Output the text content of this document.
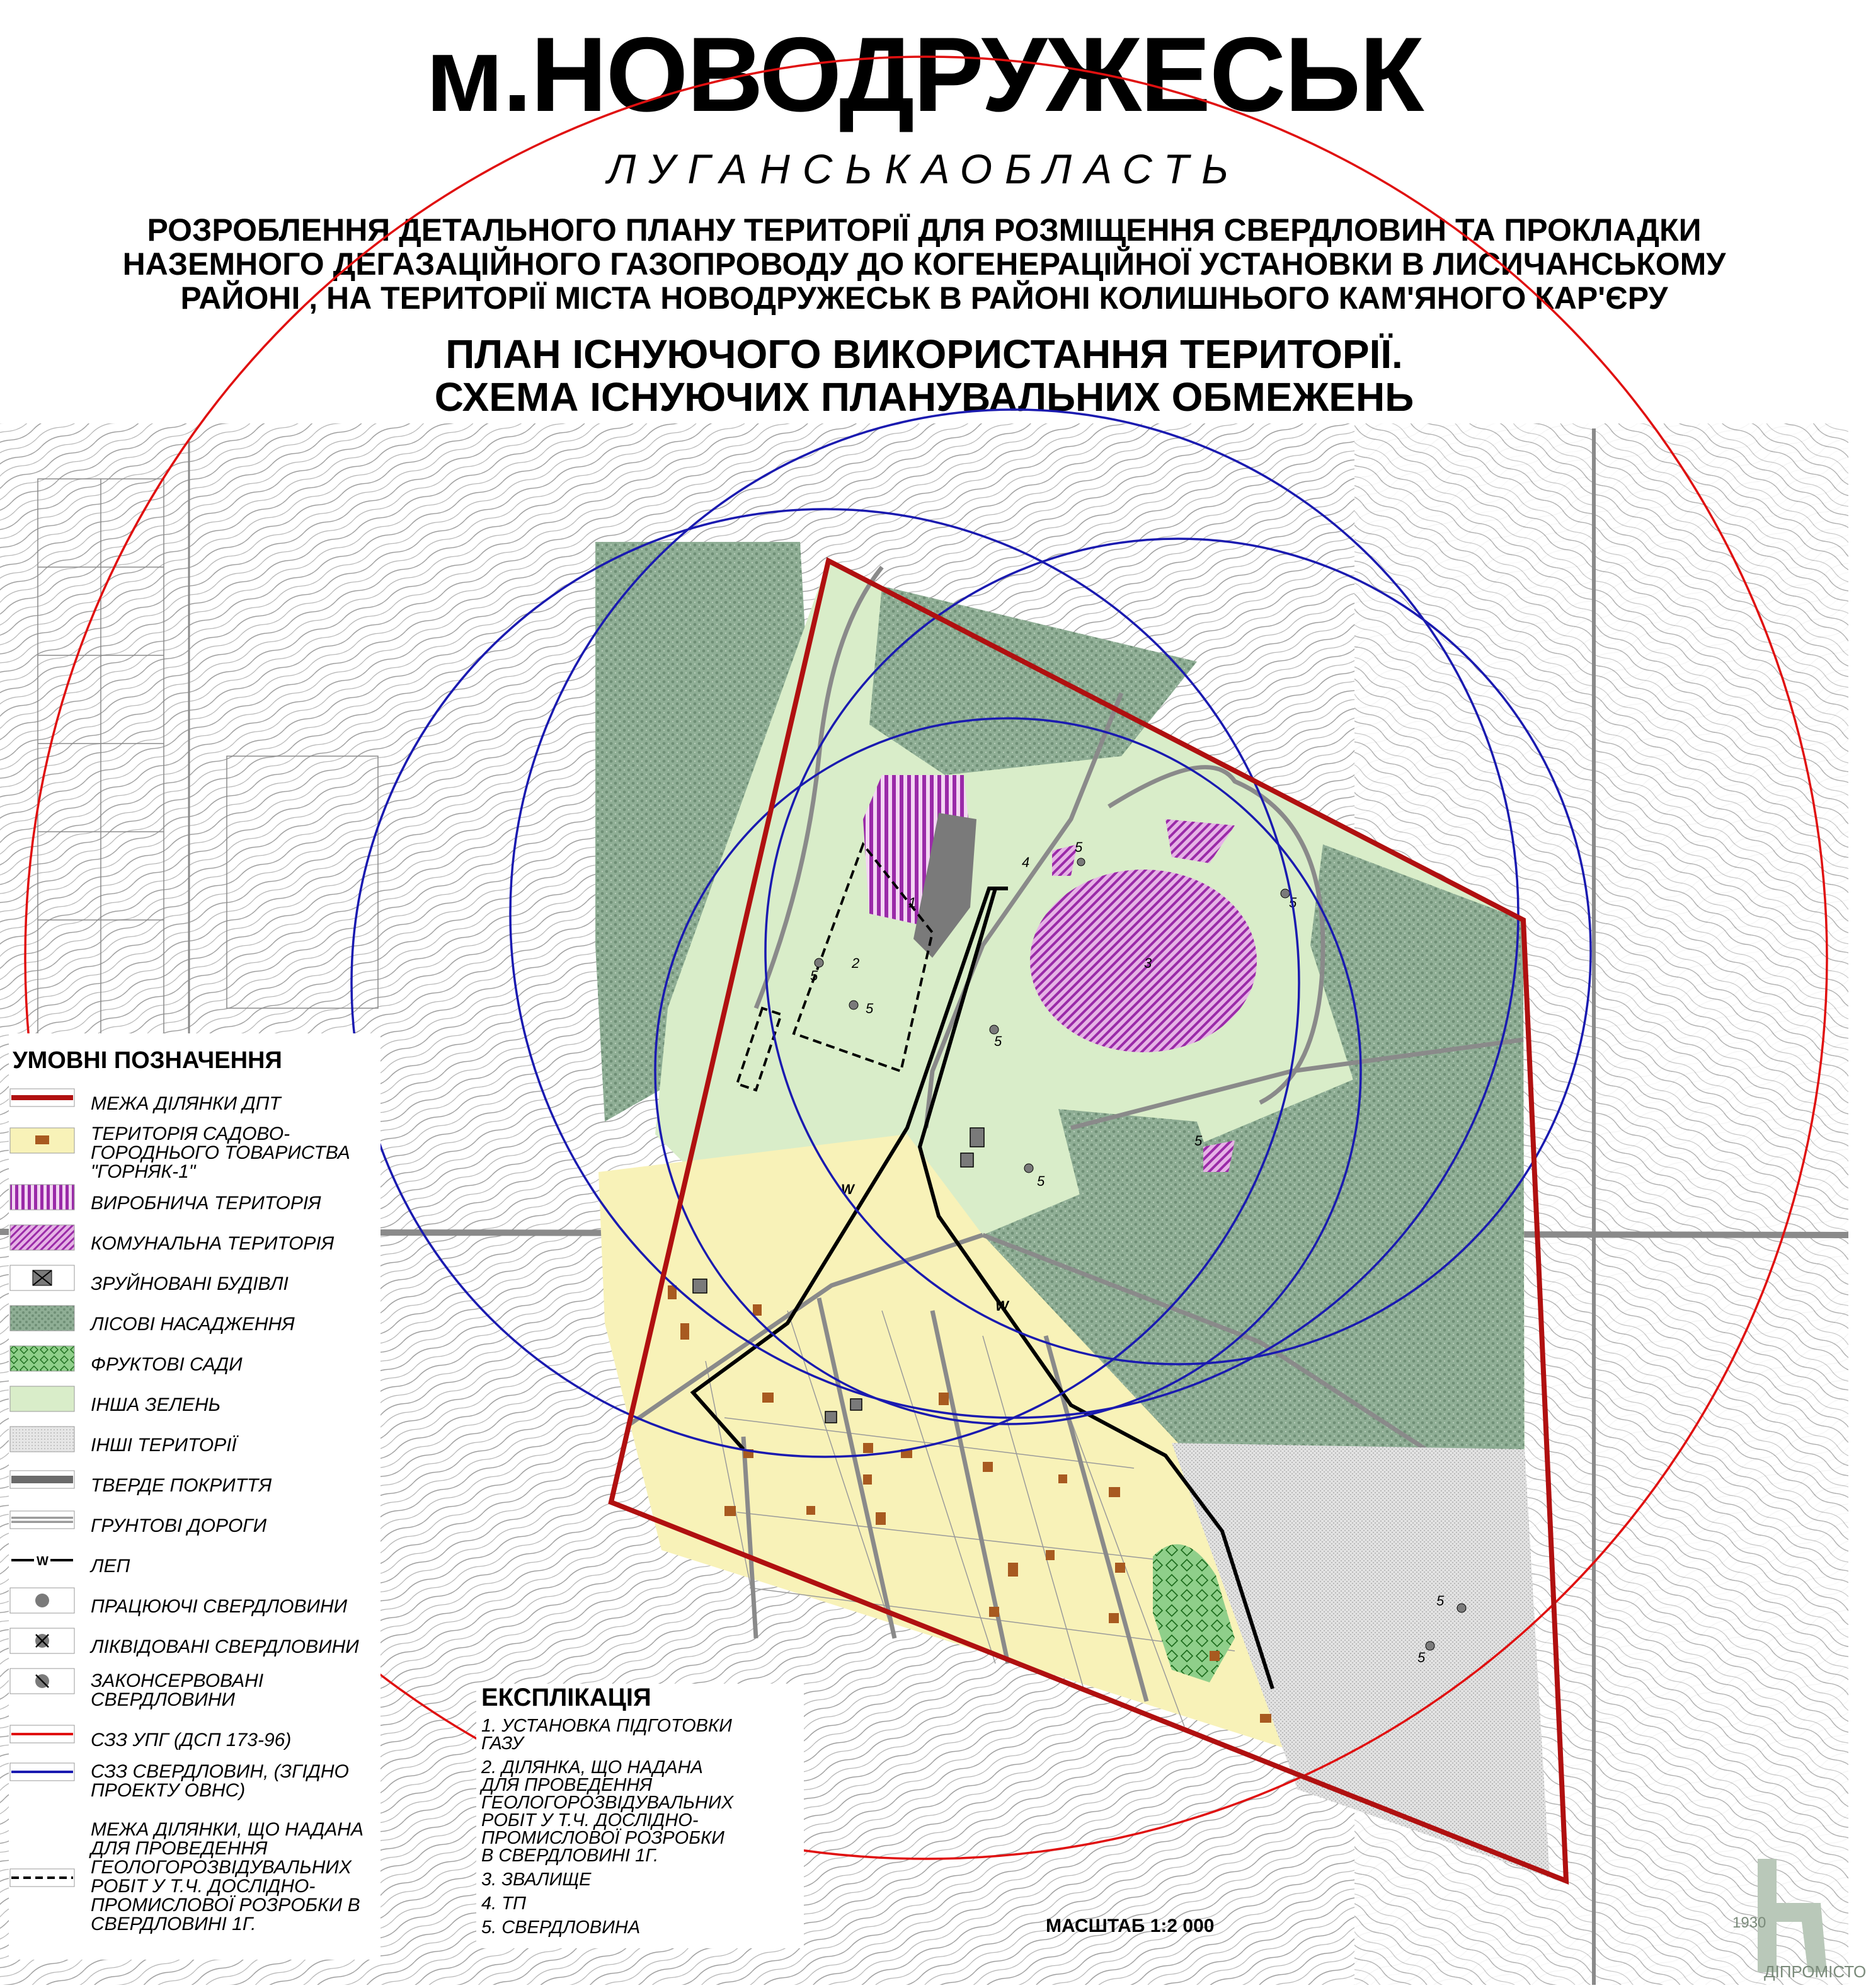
м.НОВОДРУЖЕСЬК
ЛУГАНСЬКАОБЛАСТЬ
РОЗРОБЛЕННЯ ДЕТАЛЬНОГО ПЛАНУ ТЕРИТОРІЇ ДЛЯ РОЗМІЩЕННЯ СВЕРДЛОВИН ТА ПРОКЛАДКИ
НАЗЕМНОГО ДЕГАЗАЦІЙНОГО ГАЗОПРОВОДУ ДО КОГЕНЕРАЦІЙНОЇ УСТАНОВКИ В ЛИСИЧАНСЬКОМУ
РАЙОНІ , НА ТЕРИТОРІЇ МІСТА НОВОДРУЖЕСЬК В РАЙОНІ КОЛИШНЬОГО КАМ'ЯНОГО КАР'ЄРУ
ПЛАН ІСНУЮЧОГО ВИКОРИСТАННЯ ТЕРИТОРІЇ.
СХЕМА ІСНУЮЧИХ ПЛАНУВАЛЬНИХ ОБМЕЖЕНЬ
W
W
1
2	3
4
5
5
5
5
5
5
5
5
5
УМОВНІ ПОЗНАЧЕННЯ
МЕЖА ДІЛЯНКИ ДПТ
ТЕРИТОРІЯ САДОВО-ГОРОДНЬОГО ТОВАРИСТВА "ГОРНЯК-1"
ВИРОБНИЧА ТЕРИТОРІЯ
КОМУНАЛЬНА ТЕРИТОРІЯ
ЗРУЙНОВАНІ БУДІВЛІ
ЛІСОВІ НАСАДЖЕННЯ
ФРУКТОВІ САДИ
ІНША ЗЕЛЕНЬ
ІНШІ ТЕРИТОРІЇ
ТВЕРДЕ ПОКРИТТЯ
ГРУНТОВІ ДОРОГИ
W ЛЕП
ПРАЦЮЮЧІ СВЕРДЛОВИНИ
ЛІКВІДОВАНІ СВЕРДЛОВИНИ
ЗАКОНСЕРВОВАНІ СВЕРДЛОВИНИ
СЗЗ УПГ (ДСП 173-96)
СЗЗ СВЕРДЛОВИН, (ЗГІДНО ПРОЕКТУ ОВНС)
МЕЖА ДІЛЯНКИ, ЩО НАДАНА ДЛЯ ПРОВЕДЕННЯ ГЕОЛОГОРОЗВІДУВАЛЬНИХ РОБІТ У Т.Ч. ДОСЛІДНО-ПРОМИСЛОВОЇ РОЗРОБКИ В СВЕРДЛОВИНІ 1Г.
ЕКСПЛІКАЦІЯ
1. УСТАНОВКА ПІДГОТОВКИ
ГАЗУ
2. ДІЛЯНКА, ЩО НАДАНА
ДЛЯ ПРОВЕДЕННЯ
ГЕОЛОГОРОЗВІДУВАЛЬНИХ
РОБІТ У Т.Ч. ДОСЛІДНО-
ПРОМИСЛОВОЇ РОЗРОБКИ
В СВЕРДЛОВИНІ 1Г.
3. ЗВАЛИЩЕ
4. ТП
5. СВЕРДЛОВИНА	МАСШТАБ 1:2 000	1930
ДІПРОМІСТО
